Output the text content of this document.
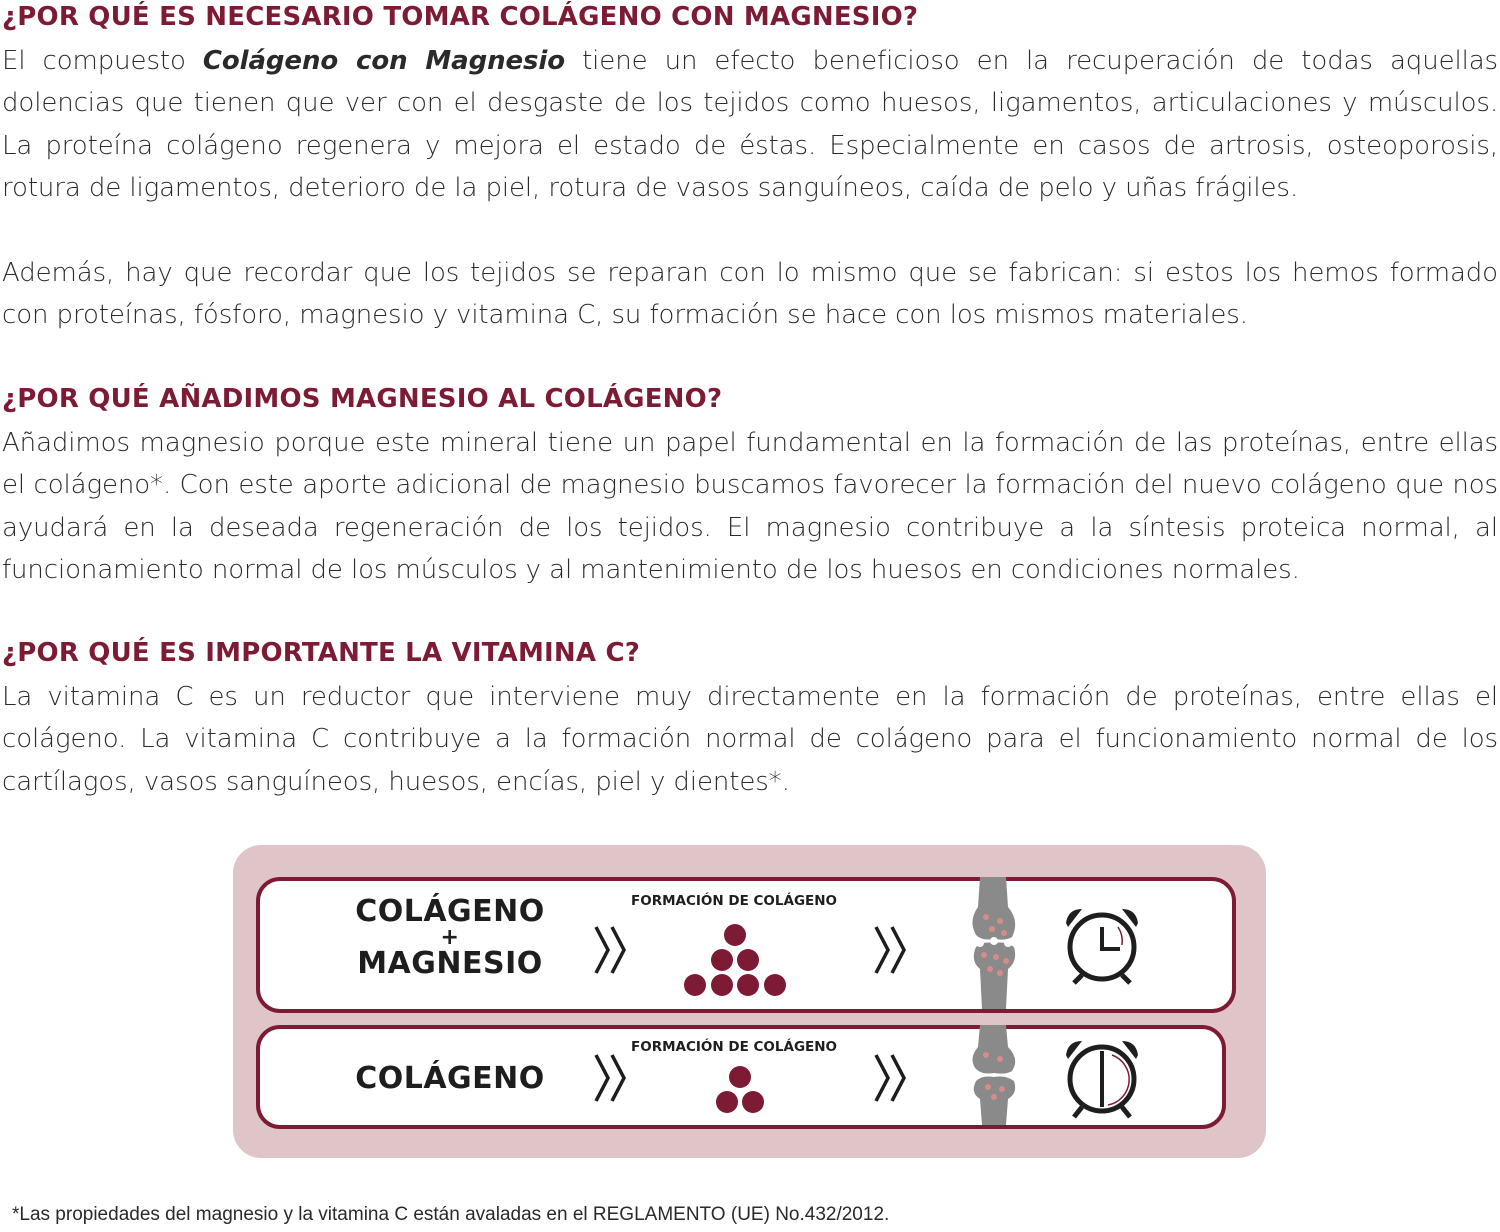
¿POR QUÉ ES NECESARIO TOMAR COLÁGENO CON MAGNESIO?

El compuesto Colágeno con Magnesio tiene un efecto beneficioso en la recuperación de todas aquellas dolencias que tienen que ver con el desgaste de los tejidos como huesos, ligamentos, articulaciones y músculos. La proteína colágeno regenera y mejora el estado de éstas. Especialmente en casos de artrosis, osteoporosis, rotura de ligamentos, deterioro de la piel, rotura de vasos sanguíneos, caída de pelo y uñas frágiles.

Además, hay que recordar que los tejidos se reparan con lo mismo que se fabrican: si estos los hemos formado con proteínas, fósforo, magnesio y vitamina C, su formación se hace con los mismos materiales.

¿POR QUÉ AÑADIMOS MAGNESIO AL COLÁGENO?

Añadimos magnesio porque este mineral tiene un papel fundamental en la formación de las proteínas, entre ellas el colágeno*. Con este aporte adicional de magnesio buscamos favorecer la formación del nuevo colágeno que nos ayudará en la deseada regeneración de los tejidos. El magnesio contribuye a la síntesis proteica normal, al funcionamiento normal de los músculos y al mantenimiento de los huesos en condiciones normales.

¿POR QUÉ ES IMPORTANTE LA VITAMINA C?

La vitamina C es un reductor que interviene muy directamente en la formación de proteínas, entre ellas el colágeno. La vitamina C contribuye a la formación normal de colágeno para el funcionamiento normal de los cartílagos, vasos sanguíneos, huesos, encías, piel y dientes*.

COLÁGENO
+
MAGNESIO
FORMACIÓN DE COLÁGENO
COLÁGENO
FORMACIÓN DE COLÁGENO
*Las propiedades del magnesio y la vitamina C están avaladas en el REGLAMENTO (UE) No.432/2012.
